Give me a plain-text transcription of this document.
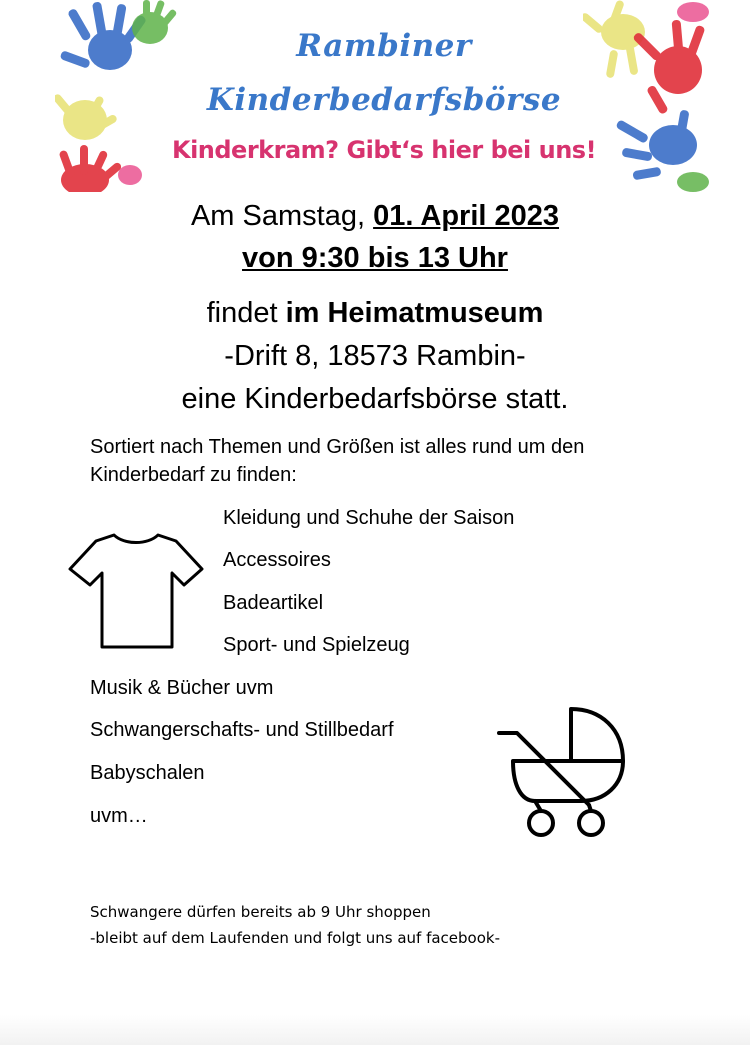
Rambiner
Kinderbedarfsbörse
Kinderkram? Gibt‘s hier bei uns!
Am Samstag, 01. April 2023
von 9:30 bis 13 Uhr
findet im Heimatmuseum
-Drift 8, 18573 Rambin-
eine Kinderbedarfsbörse statt.
Sortiert nach Themen und Größen ist alles rund um den Kinderbedarf zu finden:
Kleidung und Schuhe der Saison
Accessoires
Badeartikel
Sport- und Spielzeug
Musik & Bücher uvm
Schwangerschafts- und Stillbedarf
Babyschalen
uvm…
Schwangere dürfen bereits ab 9 Uhr shoppen
-bleibt auf dem Laufenden und folgt uns auf facebook-
